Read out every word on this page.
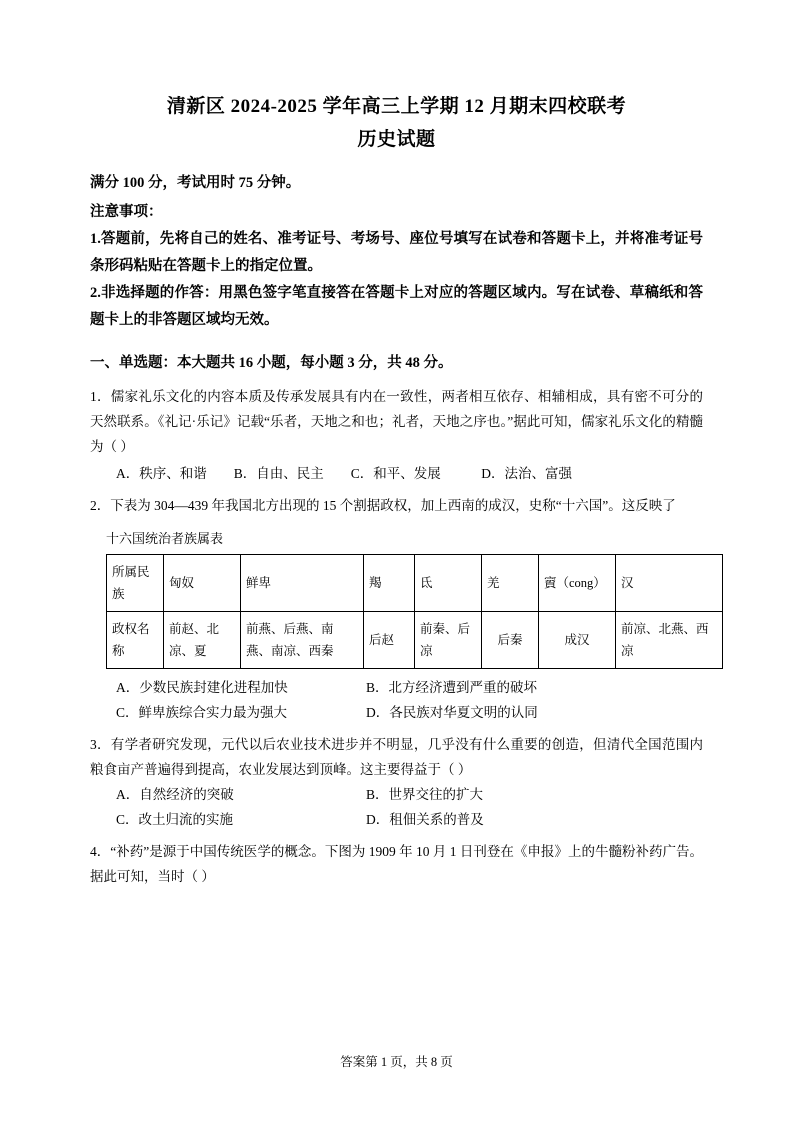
清新区 2024-2025 学年高三上学期 12 月期末四校联考
历史试题
满分 100 分，考试用时 75 分钟。
注意事项：
1.答题前，先将自己的姓名、准考证号、考场号、座位号填写在试卷和答题卡上，并将准考证号条形码粘贴在答题卡上的指定位置。
2.非选择题的作答：用黑色签字笔直接答在答题卡上对应的答题区域内。写在试卷、草稿纸和答题卡上的非答题区域均无效。
一、单选题：本大题共 16 小题，每小题 3 分，共 48 分。
1．儒家礼乐文化的内容本质及传承发展具有内在一致性，两者相互依存、相辅相成，具有密不可分的天然联系。《礼记·乐记》记载“乐者，天地之和也；礼者，天地之序也。”据此可知，儒家礼乐文化的精髓为（ ）
A．秩序、和谐　　B．自由、民主　　C．和平、发展　　　D．法治、富强
2．下表为 304—439 年我国北方出现的 15 个割据政权，加上西南的成汉，史称“十六国”。这反映了
十六国统治者族属表
所属民族	匈奴	鲜卑	羯	氐	羌	賨（cong）	汉
政权名称	前赵、北凉、夏	前燕、后燕、南燕、南凉、西秦	后赵	前秦、后凉	后秦	成汉	前凉、北燕、西凉
A．少数民族封建化进程加快	B．北方经济遭到严重的破坏
C．鲜卑族综合实力最为强大	D．各民族对华夏文明的认同
3．有学者研究发现，元代以后农业技术进步并不明显，几乎没有什么重要的创造，但清代全国范围内粮食亩产普遍得到提高，农业发展达到顶峰。这主要得益于（ ）
A．自然经济的突破	B．世界交往的扩大
C．改土归流的实施	D．租佃关系的普及
4．“补药”是源于中国传统医学的概念。下图为 1909 年 10 月 1 日刊登在《申报》上的牛髓粉补药广告。据此可知，当时（ ）
答案第 1 页，共 8 页
